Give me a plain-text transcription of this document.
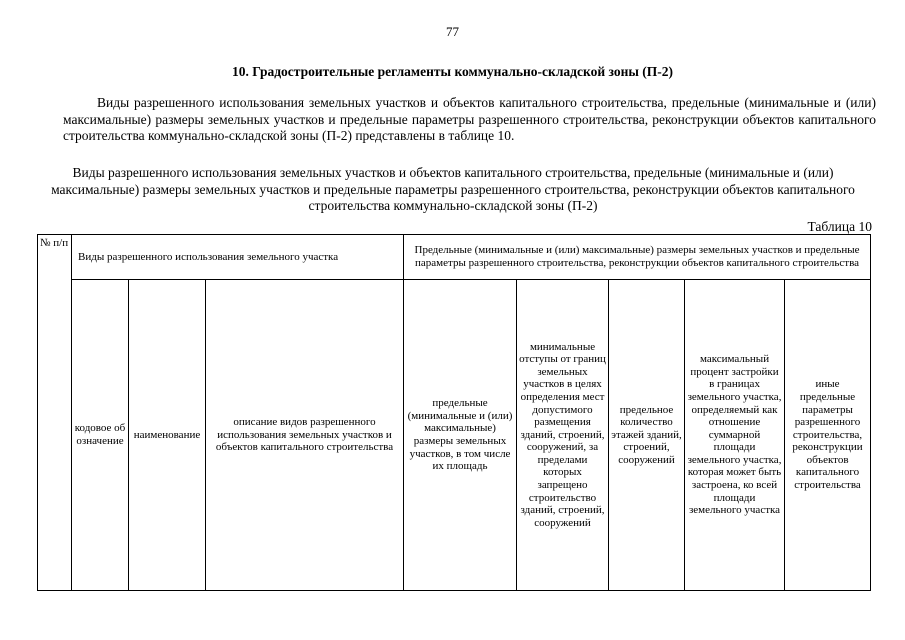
77
10. Градостроительные регламенты коммунально-складской зоны (П-2)
Виды разрешенного использования земельных участков и объектов капитального строительства, предельные (минимальные и (или) максимальные) размеры земельных участков и предельные параметры разрешенного строительства, реконструкции объектов капитального строительства коммунально-складской зоны (П-2) представлены в таблице 10.
Виды разрешенного использования земельных участков и объектов капитального строительства, предельные (минимальные и (или) максимальные) размеры земельных участков и предельные параметры разрешенного строительства, реконструкции объектов капитального строительства коммунально-складской зоны (П-2)
Таблица 10
№ п/п	Виды разрешенного использования земельного участка			Предельные (минимальные и (или) максимальные) размеры земельных участков и предельные параметры разрешенного строительства, реконструкции объектов капитального строительства				
	кодовое обозначение	наименование	описание видов разрешенного использования земельных участков и объектов капитального строительства	предельные (минимальные и (или) максимальные) размеры земельных участков, в том числе их площадь	минимальные отступы от границ земельных участков в целях определения мест допустимого размещения зданий, строений, сооружений, за пределами которых запрещено строительство зданий, строений, сооружений	предельное количество этажей зданий, строений, сооружений	максимальный процент застройки в границах земельного участка, определяемый как отношение суммарной площади земельного участка, которая может быть застроена, ко всей площади земельного участка	иные предельные параметры разрешенного строительства, реконструкции объектов капитального строительства
